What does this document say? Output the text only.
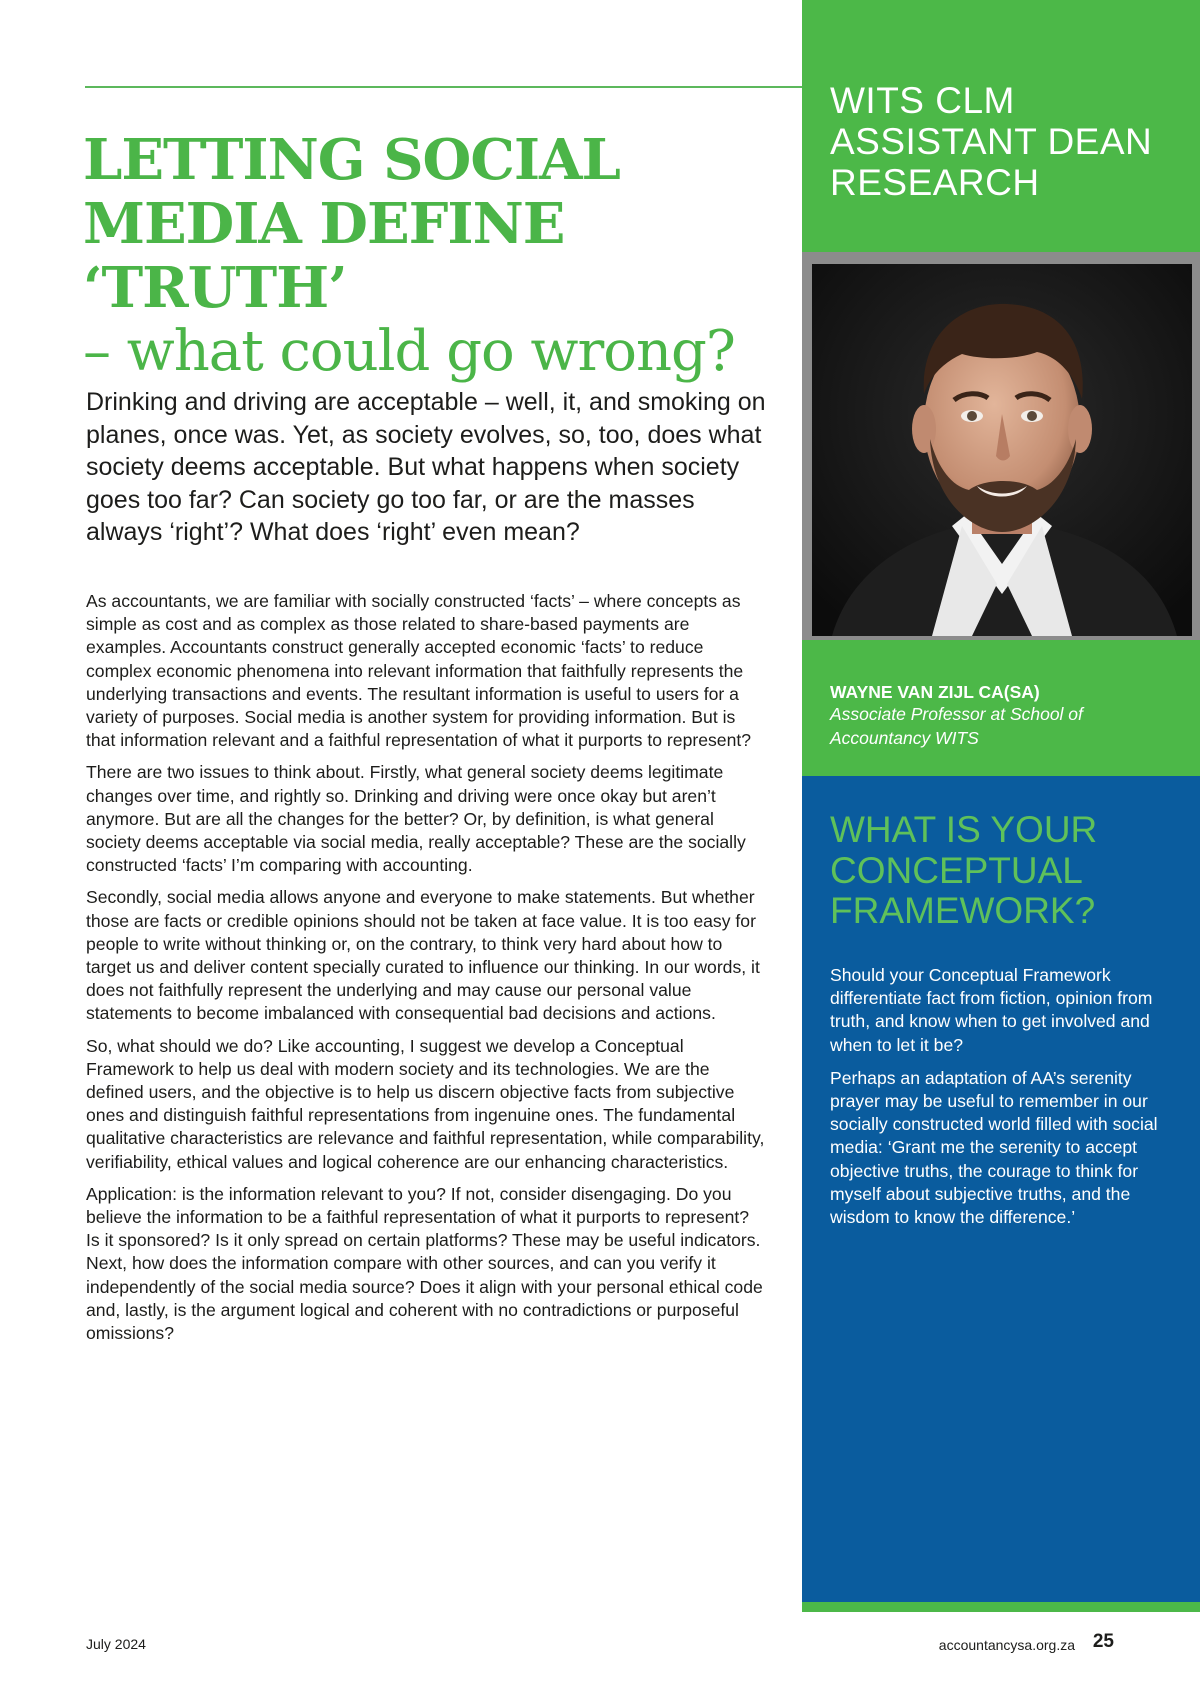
LETTING SOCIAL MEDIA DEFINE ‘TRUTH’
– what could go wrong?

Drinking and driving are acceptable – well, it, and smoking on planes, once was. Yet, as society evolves, so, too, does what society deems acceptable. But what happens when society goes too far? Can society go too far, or are the masses always ‘right’? What does ‘right’ even mean?

As accountants, we are familiar with socially constructed ‘facts’ – where concepts as simple as cost and as complex as those related to share-based payments are examples. Accountants construct generally accepted economic ‘facts’ to reduce complex economic phenomena into relevant information that faithfully represents the underlying transactions and events. The resultant information is useful to users for a variety of purposes. Social media is another system for providing information. But is that information relevant and a faithful representation of what it purports to represent?

There are two issues to think about. Firstly, what general society deems legitimate changes over time, and rightly so. Drinking and driving were once okay but aren’t anymore. But are all the changes for the better? Or, by definition, is what general society deems acceptable via social media, really acceptable? These are the socially constructed ‘facts’ I’m comparing with accounting.

Secondly, social media allows anyone and everyone to make statements. But whether those are facts or credible opinions should not be taken at face value. It is too easy for people to write without thinking or, on the contrary, to think very hard about how to target us and deliver content specially curated to influence our thinking. In our words, it does not faithfully represent the underlying and may cause our personal value statements to become imbalanced with consequential bad decisions and actions.

So, what should we do? Like accounting, I suggest we develop a Conceptual Framework to help us deal with modern society and its technologies. We are the defined users, and the objective is to help us discern objective facts from subjective ones and distinguish faithful representations from ingenuine ones. The fundamental qualitative characteristics are relevance and faithful representation, while comparability, verifiability, ethical values and logical coherence are our enhancing characteristics.

Application: is the information relevant to you? If not, consider disengaging. Do you believe the information to be a faithful representation of what it purports to represent? Is it sponsored? Is it only spread on certain platforms? These may be useful indicators. Next, how does the information compare with other sources, and can you verify it independently of the social media source? Does it align with your personal ethical code and, lastly, is the argument logical and coherent with no contradictions or purposeful omissions?

WITS CLM ASSISTANT DEAN RESEARCH
WAYNE VAN ZIJL CA(SA)
Associate Professor at School of Accountancy WITS
WHAT IS YOUR CONCEPTUAL FRAMEWORK?

Should your Conceptual Framework differentiate fact from fiction, opinion from truth, and know when to get involved and when to let it be?

Perhaps an adaptation of AA’s serenity prayer may be useful to remember in our socially constructed world filled with social media: ‘Grant me the serenity to accept objective truths, the courage to think for myself about subjective truths, and the wisdom to know the difference.’

July 2024	accountancysa.org.za 25
